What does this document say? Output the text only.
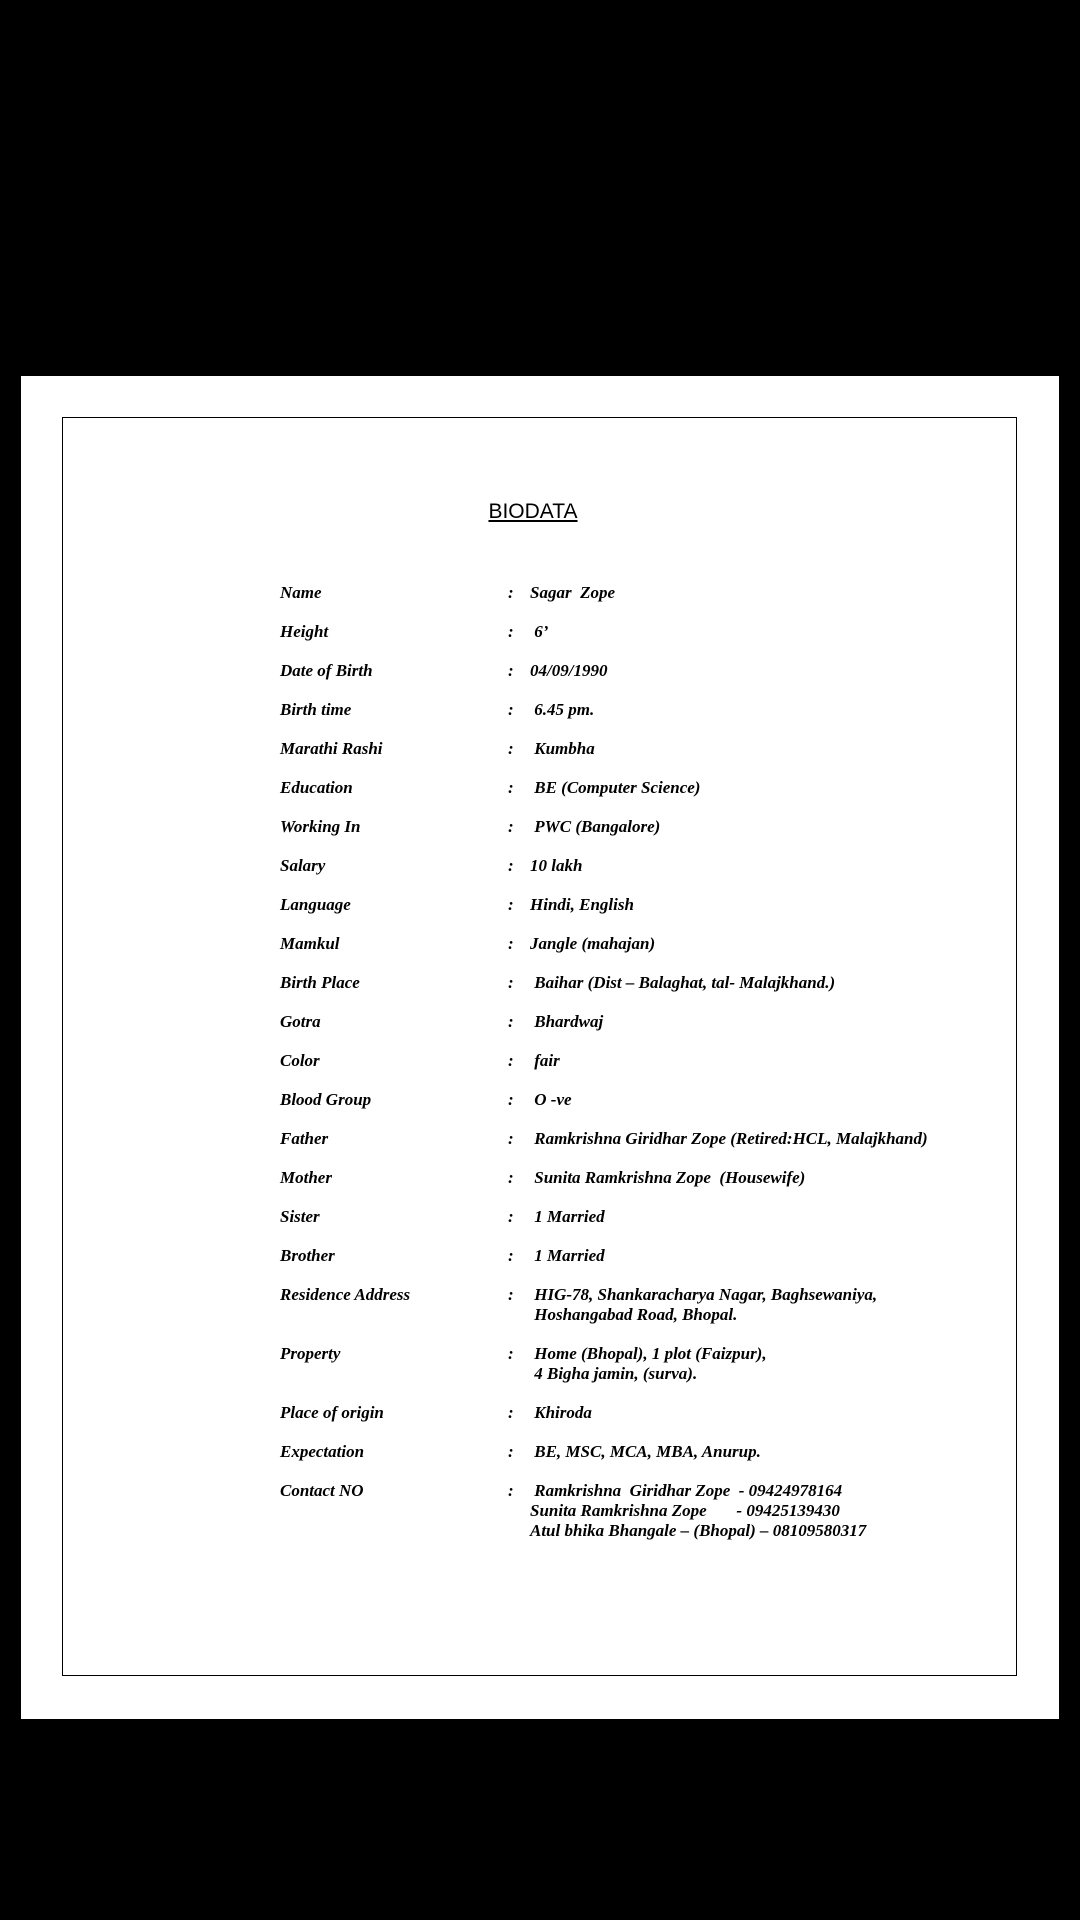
BIODATA
Name	: Sagar  Zope
Height	: 6’
Date of Birth	: 04/09/1990
Birth time	: 6.45 pm.
Marathi Rashi	: Kumbha
Education	: BE (Computer Science)
Working In	: PWC (Bangalore)
Salary	: 10 lakh
Language	: Hindi, English
Mamkul	: Jangle (mahajan)
Birth Place	: Baihar (Dist – Balaghat, tal- Malajkhand.)
Gotra	: Bhardwaj
Color	: fair
Blood Group	: O -ve
Father	: Ramkrishna Giridhar Zope (Retired:HCL, Malajkhand)
Mother	: Sunita Ramkrishna Zope  (Housewife)
Sister	: 1 Married
Brother	: 1 Married
Residence Address	: HIG-78, Shankaracharya Nagar, Baghsewaniya,
Hoshangabad Road, Bhopal.
Property	: Home (Bhopal), 1 plot (Faizpur),
4 Bigha jamin, (surva).
Place of origin	: Khiroda
Expectation	: BE, MSC, MCA, MBA, Anurup.
Contact NO	: Ramkrishna  Giridhar Zope  - 09424978164
Sunita Ramkrishna Zope       - 09425139430
Atul bhika Bhangale – (Bhopal) – 08109580317
